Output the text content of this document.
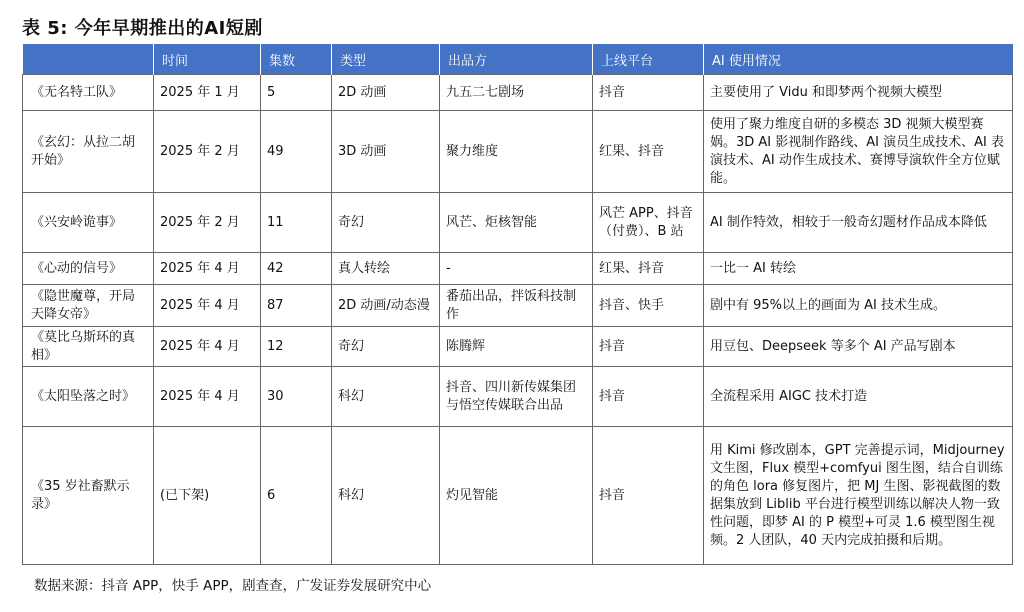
表 5: 今年早期推出的AI短剧
	时间	集数	类型	出品方	上线平台	AI 使用情况
《无名特工队》	2025 年 1 月	5	2D 动画	九五二七剧场	抖音	主要使用了 Vidu 和即梦两个视频大模型
《玄幻：从拉二胡开始》	2025 年 2 月	49	3D 动画	聚力维度	红果、抖音	使用了聚力维度自研的多模态 3D 视频大模型赛娲。3D AI 影视制作路线、AI 演员生成技术、AI 表演技术、AI 动作生成技术、赛博导演软件全方位赋能。
《兴安岭诡事》	2025 年 2 月	11	奇幻	风芒、炬核智能	风芒 APP、抖音（付费）、B 站	AI 制作特效，相较于一般奇幻题材作品成本降低
《心动的信号》	2025 年 4 月	42	真人转绘	-	红果、抖音	一比一 AI 转绘
《隐世魔尊，开局天降女帝》	2025 年 4 月	87	2D 动画/动态漫	番茄出品，拌饭科技制作	抖音、快手	剧中有 95%以上的画面为 AI 技术生成。
《莫比乌斯环的真相》	2025 年 4 月	12	奇幻	陈腾辉	抖音	用豆包、Deepseek 等多个 AI 产品写剧本
《太阳坠落之时》	2025 年 4 月	30	科幻	抖音、四川新传媒集团与悟空传媒联合出品	抖音	全流程采用 AIGC 技术打造
《35 岁社畜默示录》	(已下架)	6	科幻	灼见智能	抖音	用 Kimi 修改剧本，GPT 完善提示词，Midjourney 文生图，Flux 模型+comfyui 图生图，结合自训练的角色 lora 修复图片，把 MJ 生图、影视截图的数据集放到 Liblib 平台进行模型训练以解决人物一致性问题，即梦 AI 的 P 模型+可灵 1.6 模型图生视频。2 人团队，40 天内完成拍摄和后期。
数据来源：抖音 APP，快手 APP，剧查查，广发证券发展研究中心
